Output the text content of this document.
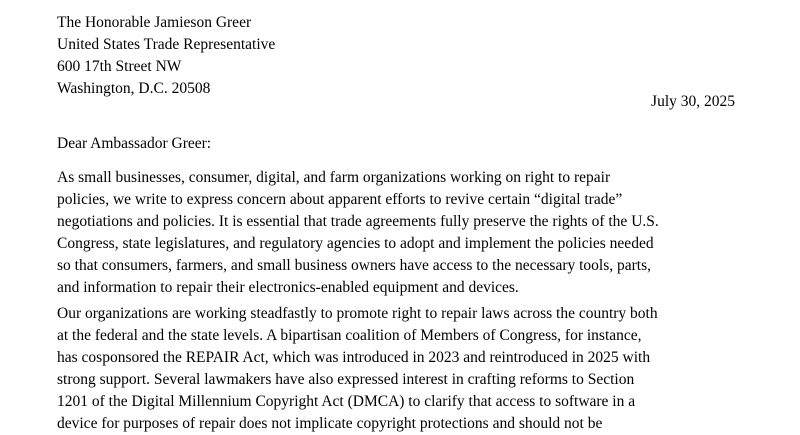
The Honorable Jamieson Greer
United States Trade Representative
600 17th Street NW
Washington, D.C. 20508
July 30, 2025
Dear Ambassador Greer:
As small businesses, consumer, digital, and farm organizations working on right to repair
policies, we write to express concern about apparent efforts to revive certain “digital trade”
negotiations and policies. It is essential that trade agreements fully preserve the rights of the U.S.
Congress, state legislatures, and regulatory agencies to adopt and implement the policies needed
so that consumers, farmers, and small business owners have access to the necessary tools, parts,
and information to repair their electronics-enabled equipment and devices.
Our organizations are working steadfastly to promote right to repair laws across the country both
at the federal and the state levels. A bipartisan coalition of Members of Congress, for instance,
has cosponsored the REPAIR Act, which was introduced in 2023 and reintroduced in 2025 with
strong support. Several lawmakers have also expressed interest in crafting reforms to Section
1201 of the Digital Millennium Copyright Act (DMCA) to clarify that access to software in a
device for purposes of repair does not implicate copyright protections and should not be
